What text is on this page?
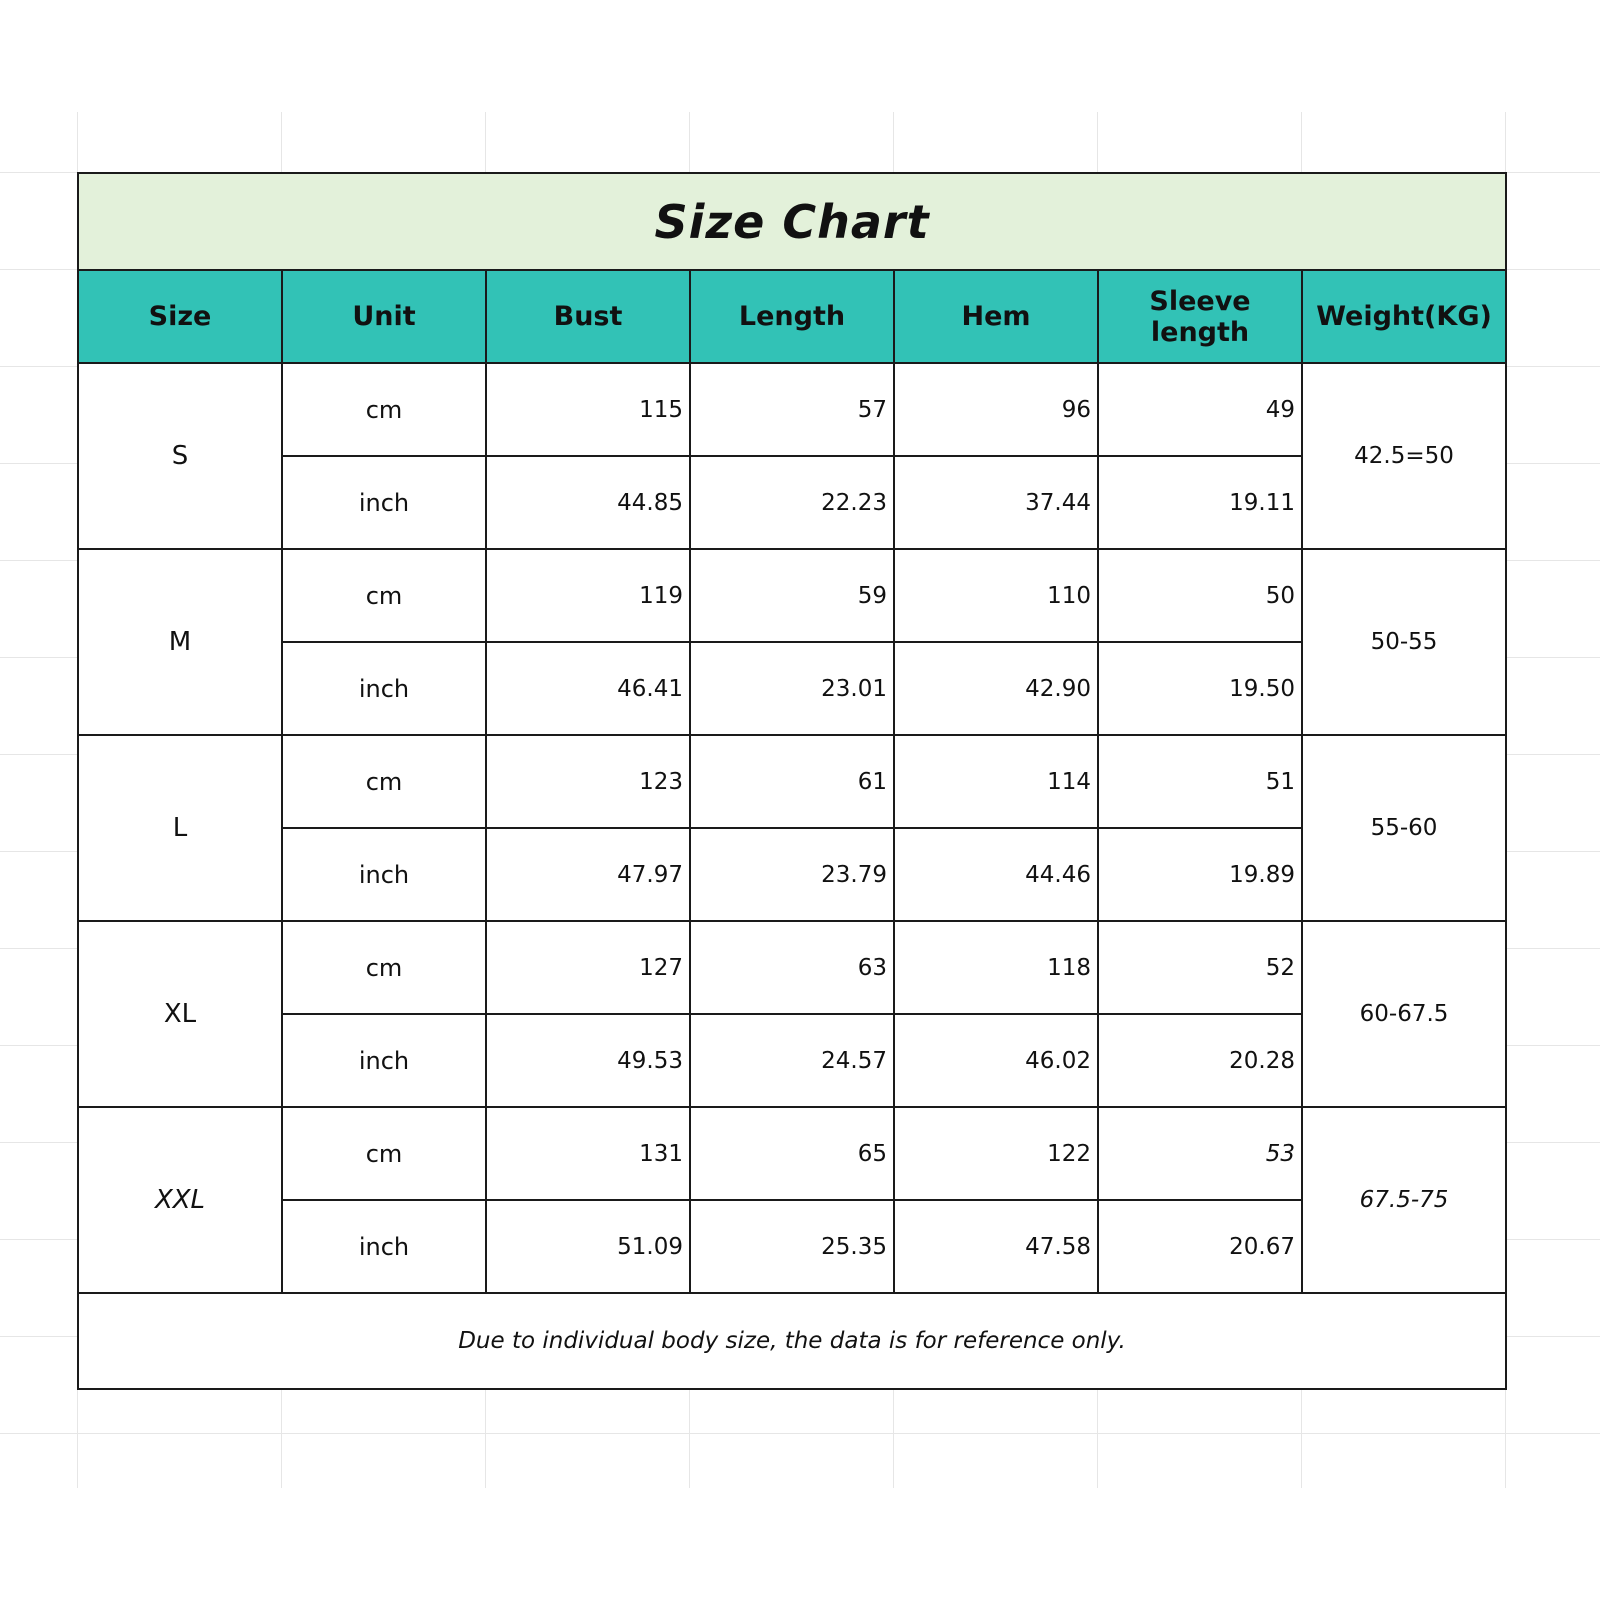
Size Chart						
Size	Unit	Bust	Length	Hem	Sleeve length	Weight(KG)
S	cm	115	57	96	49	42.5=50
	inch	44.85	22.23	37.44	19.11	
M	cm	119	59	110	50	50-55
	inch	46.41	23.01	42.90	19.50	
L	cm	123	61	114	51	55-60
	inch	47.97	23.79	44.46	19.89	
XL	cm	127	63	118	52	60-67.5
	inch	49.53	24.57	46.02	20.28	
XXL	cm	131	65	122	53	67.5-75
	inch	51.09	25.35	47.58	20.67	
Due to individual body size, the data is for reference only.						
